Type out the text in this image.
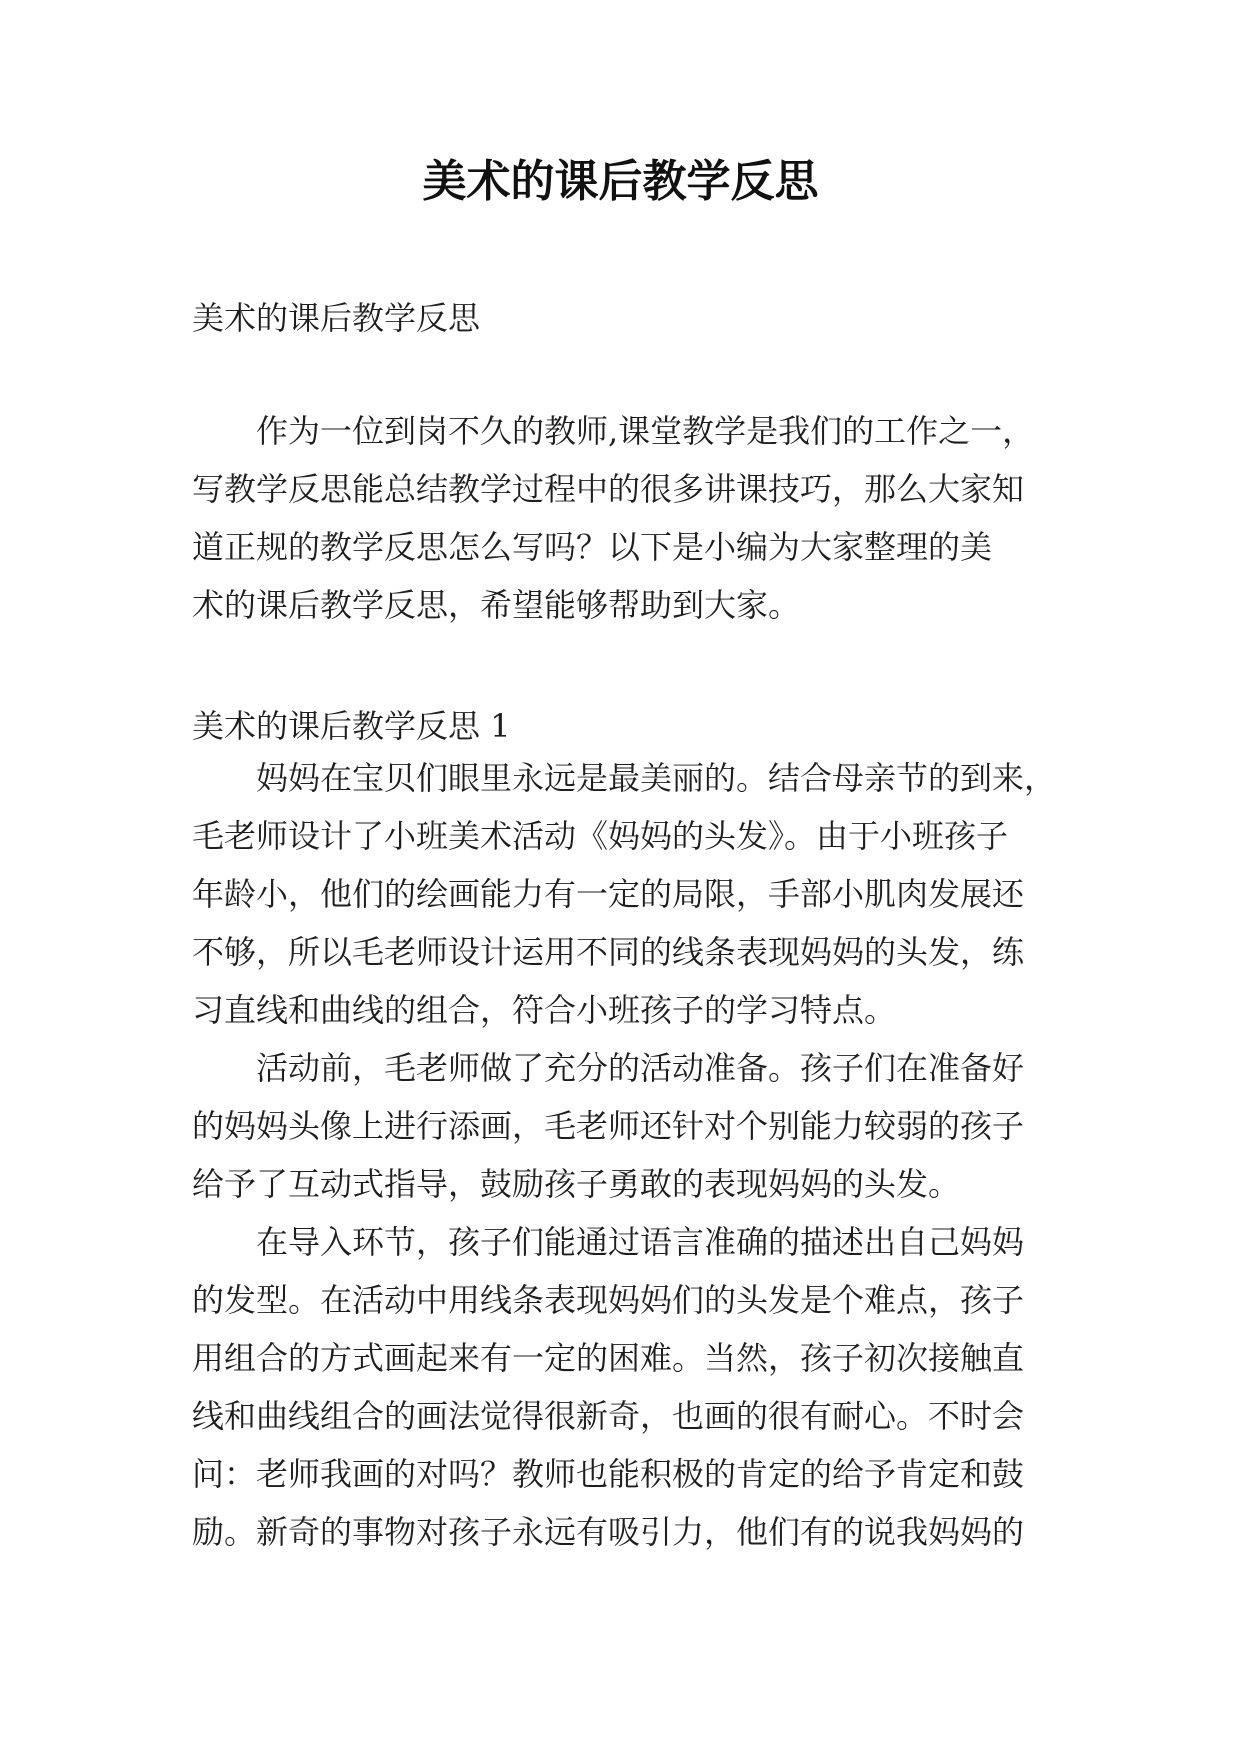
美术的课后教学反思

美术的课后教学反思

作为一位到岗不久的教师,课堂教学是我们的工作之一，
写教学反思能总结教学过程中的很多讲课技巧，那么大家知
道正规的教学反思怎么写吗？以下是小编为大家整理的美
术的课后教学反思，希望能够帮助到大家。

美术的课后教学反思 1

妈妈在宝贝们眼里永远是最美丽的。结合母亲节的到来，
毛老师设计了小班美术活动《妈妈的头发》。由于小班孩子
年龄小，他们的绘画能力有一定的局限，手部小肌肉发展还
不够，所以毛老师设计运用不同的线条表现妈妈的头发，练
习直线和曲线的组合，符合小班孩子的学习特点。

活动前，毛老师做了充分的活动准备。孩子们在准备好
的妈妈头像上进行添画，毛老师还针对个别能力较弱的孩子
给予了互动式指导，鼓励孩子勇敢的表现妈妈的头发。

在导入环节，孩子们能通过语言准确的描述出自己妈妈
的发型。在活动中用线条表现妈妈们的头发是个难点，孩子
用组合的方式画起来有一定的困难。当然，孩子初次接触直
线和曲线组合的画法觉得很新奇，也画的很有耐心。不时会
问：老师我画的对吗？教师也能积极的肯定的给予肯定和鼓
励。新奇的事物对孩子永远有吸引力，他们有的说我妈妈的
